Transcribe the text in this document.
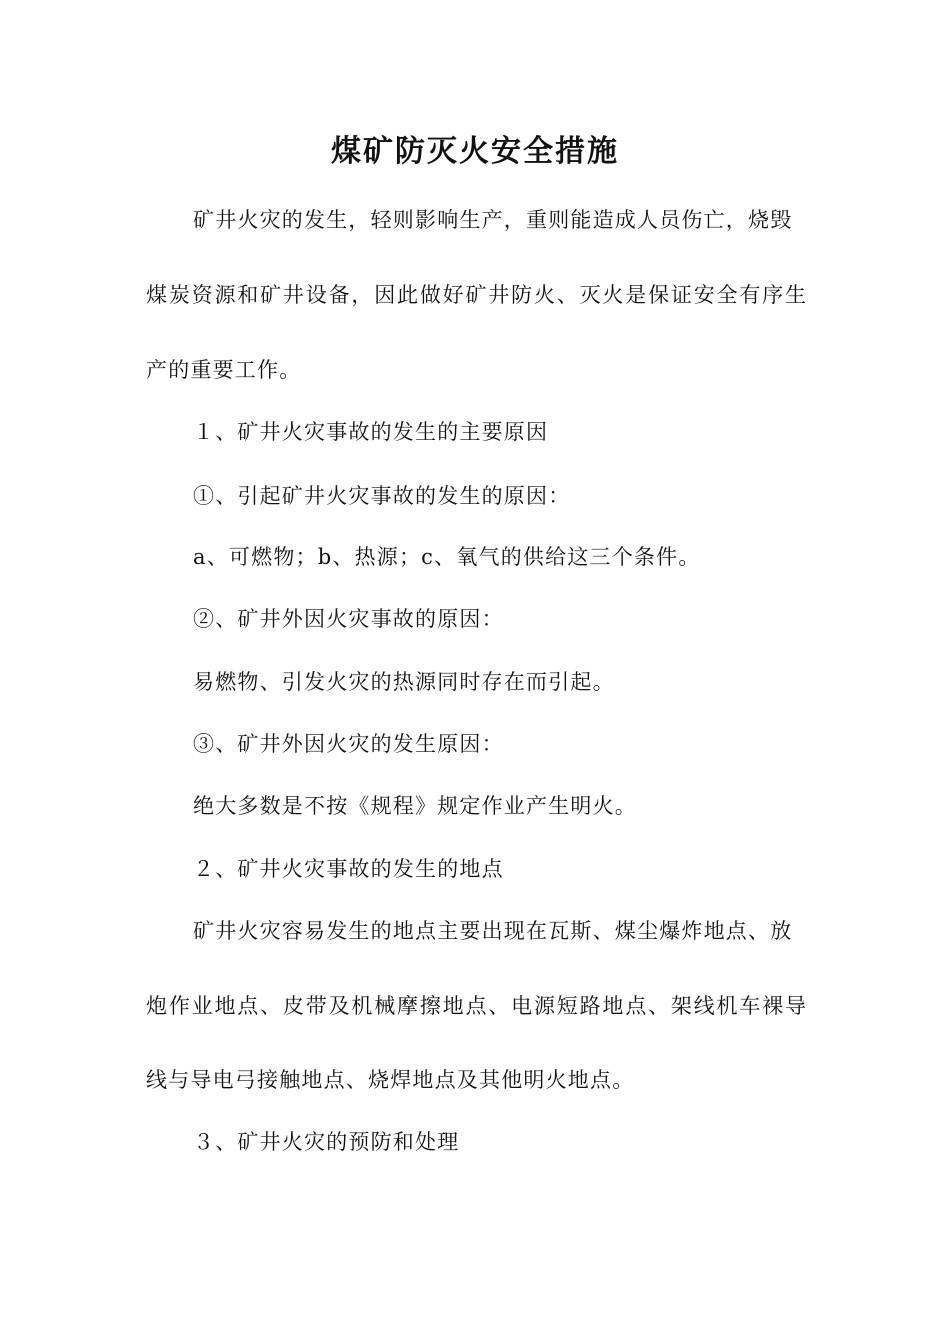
煤矿防灭火安全措施
矿井火灾的发生，轻则影响生产，重则能造成人员伤亡，烧毁
煤炭资源和矿井设备，因此做好矿井防火、灭火是保证安全有序生
产的重要工作。
１、矿井火灾事故的发生的主要原因
①、引起矿井火灾事故的发生的原因：
a、可燃物；b、热源；c、氧气的供给这三个条件。
②、矿井外因火灾事故的原因：
易燃物、引发火灾的热源同时存在而引起。
③、矿井外因火灾的发生原因：
绝大多数是不按《规程》规定作业产生明火。
２、矿井火灾事故的发生的地点
矿井火灾容易发生的地点主要出现在瓦斯、煤尘爆炸地点、放
炮作业地点、皮带及机械摩擦地点、电源短路地点、架线机车裸导
线与导电弓接触地点、烧焊地点及其他明火地点。
３、矿井火灾的预防和处理
